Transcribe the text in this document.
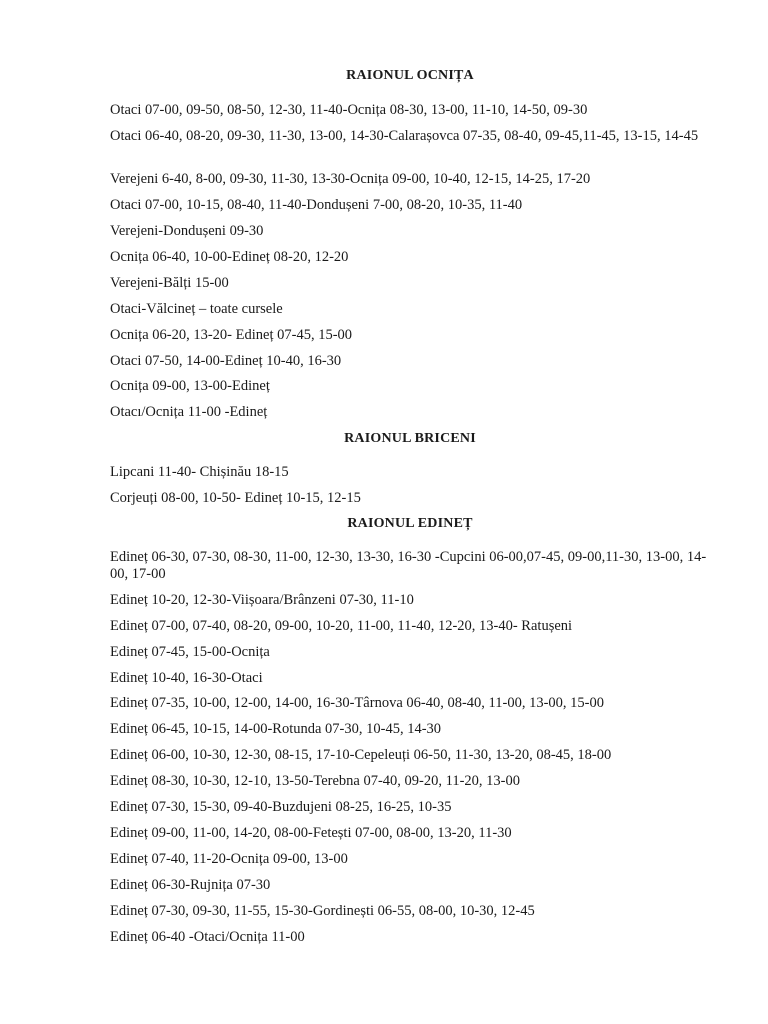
RAIONUL OCNIȚA
Otaci 07-00, 09-50, 08-50, 12-30, 11-40-Ocnița 08-30, 13-00, 11-10, 14-50, 09-30
Otaci 06-40, 08-20, 09-30, 11-30, 13-00, 14-30-Calarașovca 07-35, 08-40, 09-45,11-45, 13-15, 14-45
Verejeni 6-40, 8-00, 09-30, 11-30, 13-30-Ocnița 09-00, 10-40, 12-15, 14-25, 17-20
Otaci 07-00, 10-15, 08-40, 11-40-Dondușeni 7-00, 08-20, 10-35, 11-40
Verejeni-Dondușeni 09-30
Ocnița 06-40, 10-00-Edineț 08-20, 12-20
Verejeni-Bălți 15-00
Otaci-Vălcineț – toate cursele
Ocnița 06-20, 13-20- Edineț 07-45, 15-00
Otaci 07-50, 14-00-Edineț 10-40, 16-30
Ocnița 09-00, 13-00-Edineț
Otacı/Ocnița 11-00 -Edineț
RAIONUL BRICENI
Lipcani 11-40- Chișinău 18-15
Corjeuți 08-00, 10-50- Edineț 10-15, 12-15
RAIONUL EDINEȚ
Edineț 06-30, 07-30, 08-30, 11-00, 12-30, 13-30, 16-30 -Cupcini 06-00,07-45, 09-00,11-30, 13-00, 14-00, 17-00
Edineț 10-20, 12-30-Viișoara/Brânzeni 07-30, 11-10
Edineț 07-00, 07-40, 08-20, 09-00, 10-20, 11-00, 11-40, 12-20, 13-40- Ratușeni
Edineț 07-45, 15-00-Ocnița
Edineț 10-40, 16-30-Otaci
Edineț 07-35, 10-00, 12-00, 14-00, 16-30-Târnova 06-40, 08-40, 11-00, 13-00, 15-00
Edineț 06-45, 10-15, 14-00-Rotunda 07-30, 10-45, 14-30
Edineț 06-00, 10-30, 12-30, 08-15, 17-10-Cepeleuți 06-50, 11-30, 13-20, 08-45, 18-00
Edineț 08-30, 10-30, 12-10, 13-50-Terebna 07-40, 09-20, 11-20, 13-00
Edineț 07-30, 15-30, 09-40-Buzdujeni 08-25, 16-25, 10-35
Edineț 09-00, 11-00, 14-20, 08-00-Fetești 07-00, 08-00, 13-20, 11-30
Edineț 07-40, 11-20-Ocnița 09-00, 13-00
Edineț 06-30-Rujnița 07-30
Edineț 07-30, 09-30, 11-55, 15-30-Gordinești 06-55, 08-00, 10-30, 12-45
Edineț 06-40 -Otaci/Ocnița 11-00
